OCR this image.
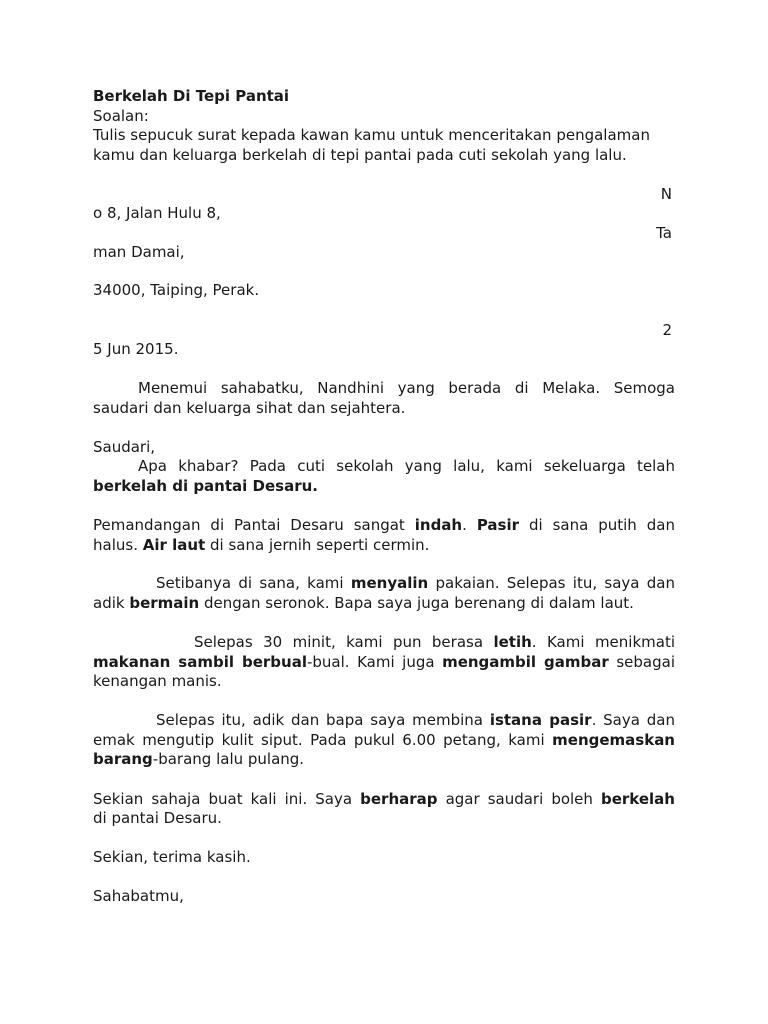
Berkelah Di Tepi Pantai
Soalan:
Tulis sepucuk surat kepada kawan kamu untuk menceritakan pengalaman
kamu dan keluarga berkelah di tepi pantai pada cuti sekolah yang lalu.
N
o 8, Jalan Hulu 8,
Ta
man Damai,
34000, Taiping, Perak.
2
5 Jun 2015.
Menemui sahabatku, Nandhini yang berada di Melaka. Semoga
saudari dan keluarga sihat dan sejahtera.
Saudari,
Apa khabar? Pada cuti sekolah yang lalu, kami sekeluarga telah
berkelah di pantai Desaru.
Pemandangan di Pantai Desaru sangat indah. Pasir di sana putih dan
halus. Air laut di sana jernih seperti cermin.
Setibanya di sana, kami menyalin pakaian. Selepas itu, saya dan
adik bermain dengan seronok. Bapa saya juga berenang di dalam laut.
Selepas 30 minit, kami pun berasa letih. Kami menikmati
makanan sambil berbual-bual. Kami juga mengambil gambar sebagai
kenangan manis.
Selepas itu, adik dan bapa saya membina istana pasir. Saya dan
emak mengutip kulit siput. Pada pukul 6.00 petang, kami mengemaskan
barang-barang lalu pulang.
Sekian sahaja buat kali ini. Saya berharap agar saudari boleh berkelah
di pantai Desaru.
Sekian, terima kasih.
Sahabatmu,
